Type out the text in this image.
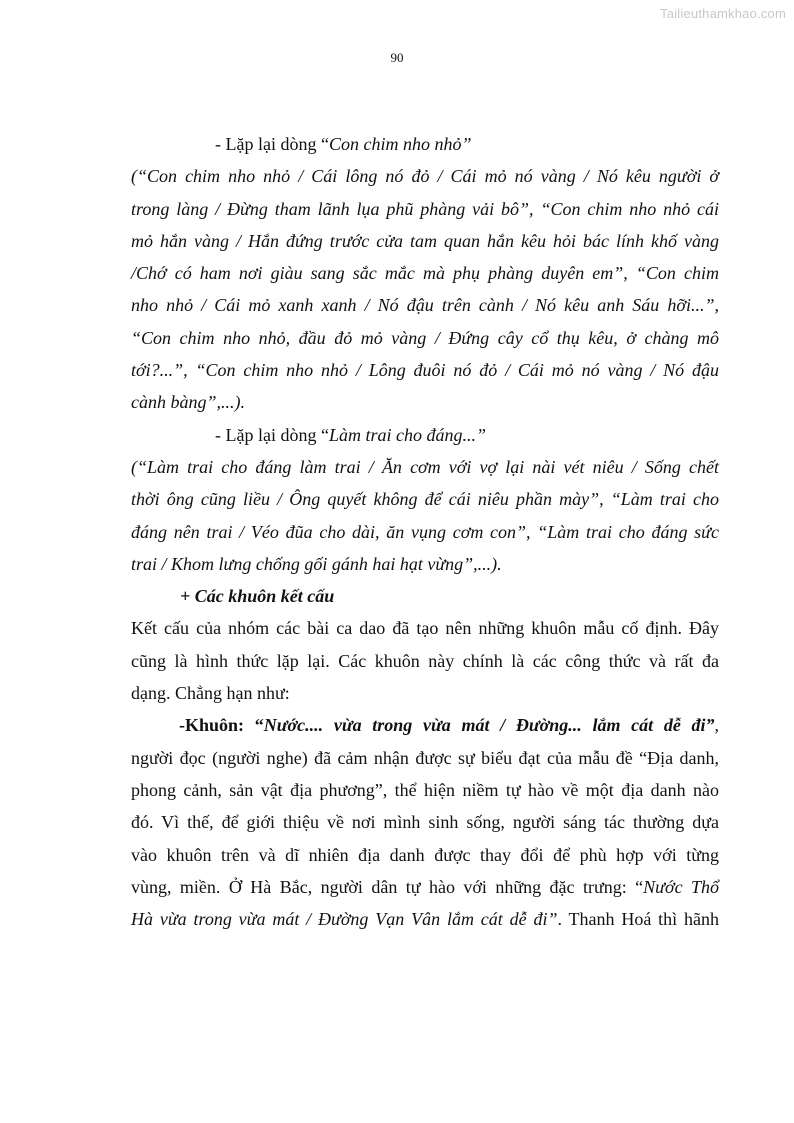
Tailieuthamkhao.com
90
- Lặp lại dòng “Con chim nho nhỏ”
(“Con chim nho nhỏ / Cái lông nó đỏ / Cái mỏ nó vàng / Nó kêu người ở
trong làng / Đừng tham lãnh lụa phũ phàng vải bô”, “Con chim nho nhỏ cái
mỏ hắn vàng / Hắn đứng trước cửa tam quan hắn kêu hỏi bác lính khố vàng
/Chớ có ham nơi giàu sang sắc mắc mà phụ phàng duyên em”, “Con chim
nho nhỏ / Cái mỏ xanh xanh / Nó đậu trên cành / Nó kêu anh Sáu hỡi...”,
“Con chim nho nhỏ, đầu đỏ mỏ vàng / Đứng cây cổ thụ kêu, ở chàng mô
tới?...”, “Con chim nho nhỏ / Lông đuôi nó đỏ / Cái mỏ nó vàng / Nó đậu
cành bàng”,...).
- Lặp lại dòng “Làm trai cho đáng...”
(“Làm trai cho đáng làm trai / Ăn cơm với vợ lại nài vét niêu / Sống chết
thời ông cũng liều / Ông quyết không để cái niêu phần mày”, “Làm trai cho
đáng nên trai / Véo đũa cho dài, ăn vụng cơm con”, “Làm trai cho đáng sức
trai / Khom lưng chống gối gánh hai hạt vừng”,...).
+ Các khuôn kết cấu
Kết cấu của nhóm các bài ca dao đã tạo nên những khuôn mẫu cố định. Đây
cũng là hình thức lặp lại. Các khuôn này chính là các công thức và rất đa
dạng. Chẳng hạn như:
-Khuôn: “Nước.... vừa trong vừa mát / Đường... lắm cát dễ đi”,
người đọc (người nghe) đã cảm nhận được sự biểu đạt của mẫu đề “Địa danh,
phong cảnh, sản vật địa phương”, thể hiện niềm tự hào về một địa danh nào
đó. Vì thế, để giới thiệu về nơi mình sinh sống, người sáng tác thường dựa
vào khuôn trên và dĩ nhiên địa danh được thay đổi để phù hợp với từng
vùng, miền. Ở Hà Bắc, người dân tự hào với những đặc trưng: “Nước Thổ
Hà vừa trong vừa mát / Đường Vạn Vân lắm cát dễ đi”. Thanh Hoá thì hãnh
